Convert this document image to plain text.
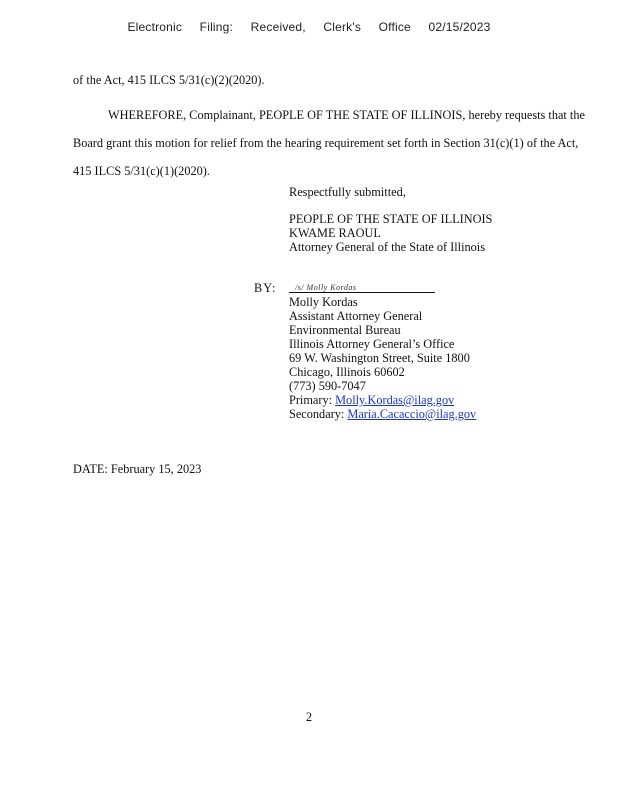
Electronic Filing: Received, Clerk's Office 02/15/2023
of the Act, 415 ILCS 5/31(c)(2)(2020).
WHEREFORE, Complainant, PEOPLE OF THE STATE OF ILLINOIS, hereby requests that the Board grant this motion for relief from the hearing requirement set forth in Section 31(c)(1) of the Act, 415 ILCS 5/31(c)(1)(2020).
Respectfully submitted,
PEOPLE OF THE STATE OF ILLINOIS
KWAME RAOUL
Attorney General of the State of Illinois
BY:	/s/ Molly Kordas
Molly Kordas
Assistant Attorney General
Environmental Bureau
Illinois Attorney General’s Office
69 W. Washington Street, Suite 1800
Chicago, Illinois 60602
(773) 590-7047
Primary: Molly.Kordas@ilag.gov
Secondary: Maria.Cacaccio@ilag.gov
DATE: February 15, 2023
2
